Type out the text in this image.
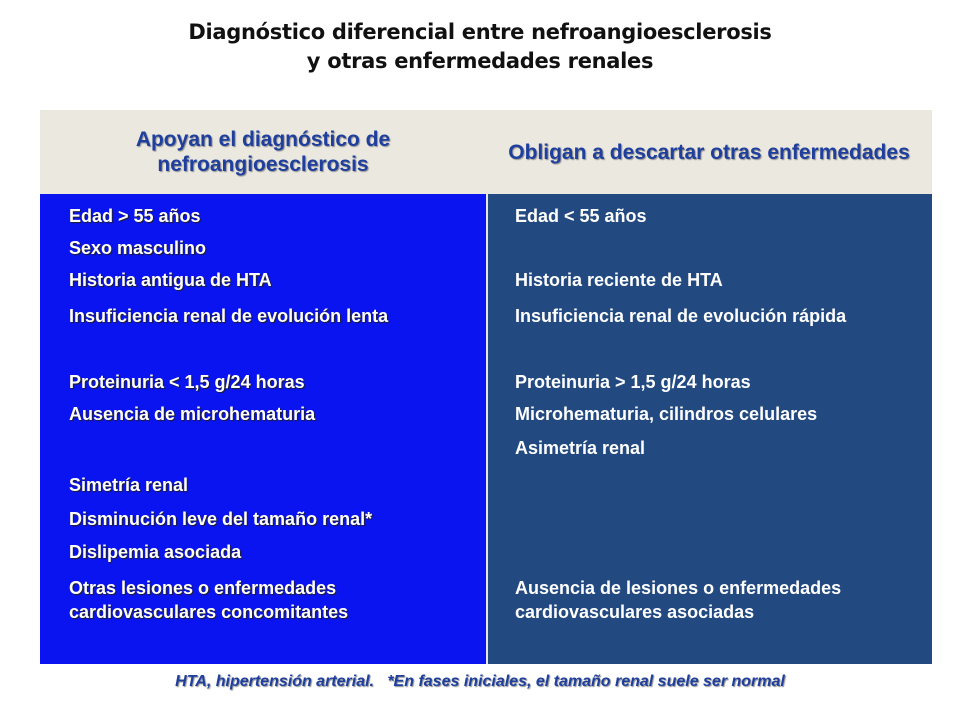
Diagnóstico diferencial entre nefroangioesclerosis
y otras enfermedades renales
Apoyan el diagnóstico de nefroangioesclerosis
Obligan a descartar otras enfermedades
Edad > 55 años
Sexo masculino
Historia antigua de HTA
Insuficiencia renal de evolución lenta
Proteinuria < 1,5 g/24 horas
Ausencia de microhematuria
Simetría renal
Disminución leve del tamaño renal*
Dislipemia asociada
Otras lesiones o enfermedades cardiovasculares concomitantes
Edad < 55 años
Historia reciente de HTA
Insuficiencia renal de evolución rápida
Proteinuria > 1,5 g/24 horas
Microhematuria, cilindros celulares
Asimetría renal
Ausencia de lesiones o enfermedades cardiovasculares asociadas
HTA, hipertensión arterial.   *En fases iniciales, el tamaño renal suele ser normal
